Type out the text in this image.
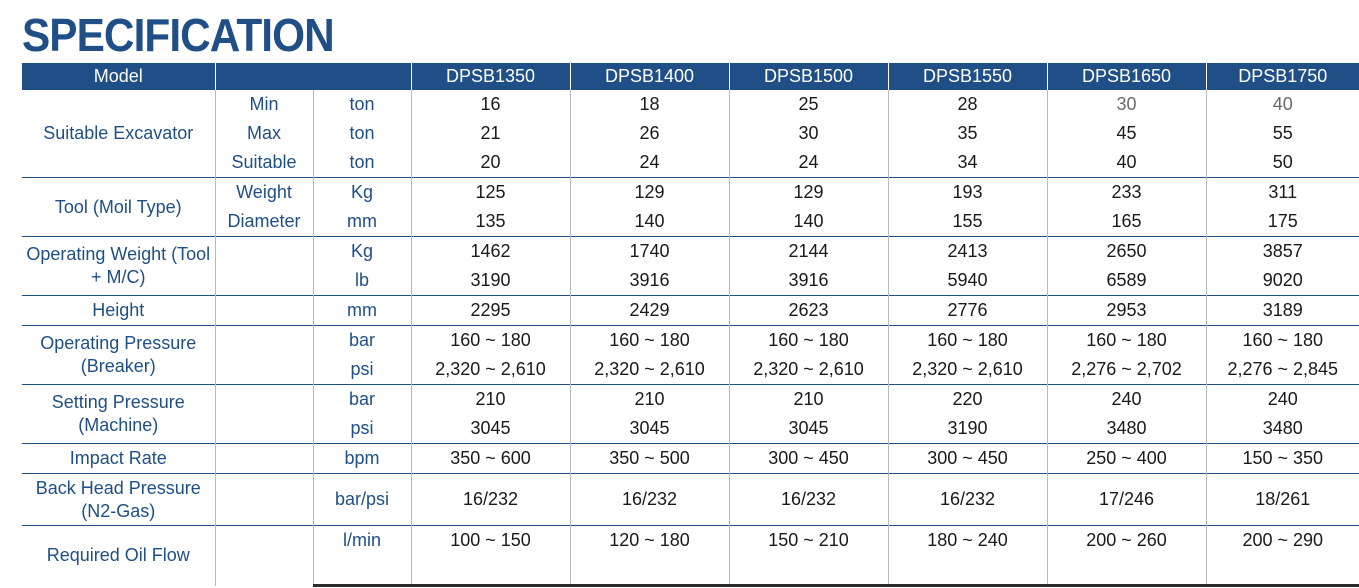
SPECIFICATION
Model			DPSB1350	DPSB1400	DPSB1500	DPSB1550	DPSB1650	DPSB1750
Suitable Excavator	Min	ton	16	18	25	28	30	40
	Max	ton	21	26	30	35	45	55
	Suitable	ton	20	24	24	34	40	50
Tool (Moil Type)	Weight	Kg	125	129	129	193	233	311
	Diameter	mm	135	140	140	155	165	175
Operating Weight (Tool + M/C)		Kg	1462	1740	2144	2413	2650	3857
		lb	3190	3916	3916	5940	6589	9020
Height		mm	2295	2429	2623	2776	2953	3189
Operating Pressure (Breaker)		bar	160 ~ 180	160 ~ 180	160 ~ 180	160 ~ 180	160 ~ 180	160 ~ 180
		psi	2,320 ~ 2,610	2,320 ~ 2,610	2,320 ~ 2,610	2,320 ~ 2,610	2,276 ~ 2,702	2,276 ~ 2,845
Setting Pressure (Machine)		bar	210	210	210	220	240	240
		psi	3045	3045	3045	3190	3480	3480
Impact Rate		bpm	350 ~ 600	350 ~ 500	300 ~ 450	300 ~ 450	250 ~ 400	150 ~ 350
Back Head Pressure (N2-Gas)		bar/psi	16/232	16/232	16/232	16/232	17/246	18/261
Required Oil Flow		l/min	100 ~ 150	120 ~ 180	150 ~ 210	180 ~ 240	200 ~ 260	200 ~ 290
